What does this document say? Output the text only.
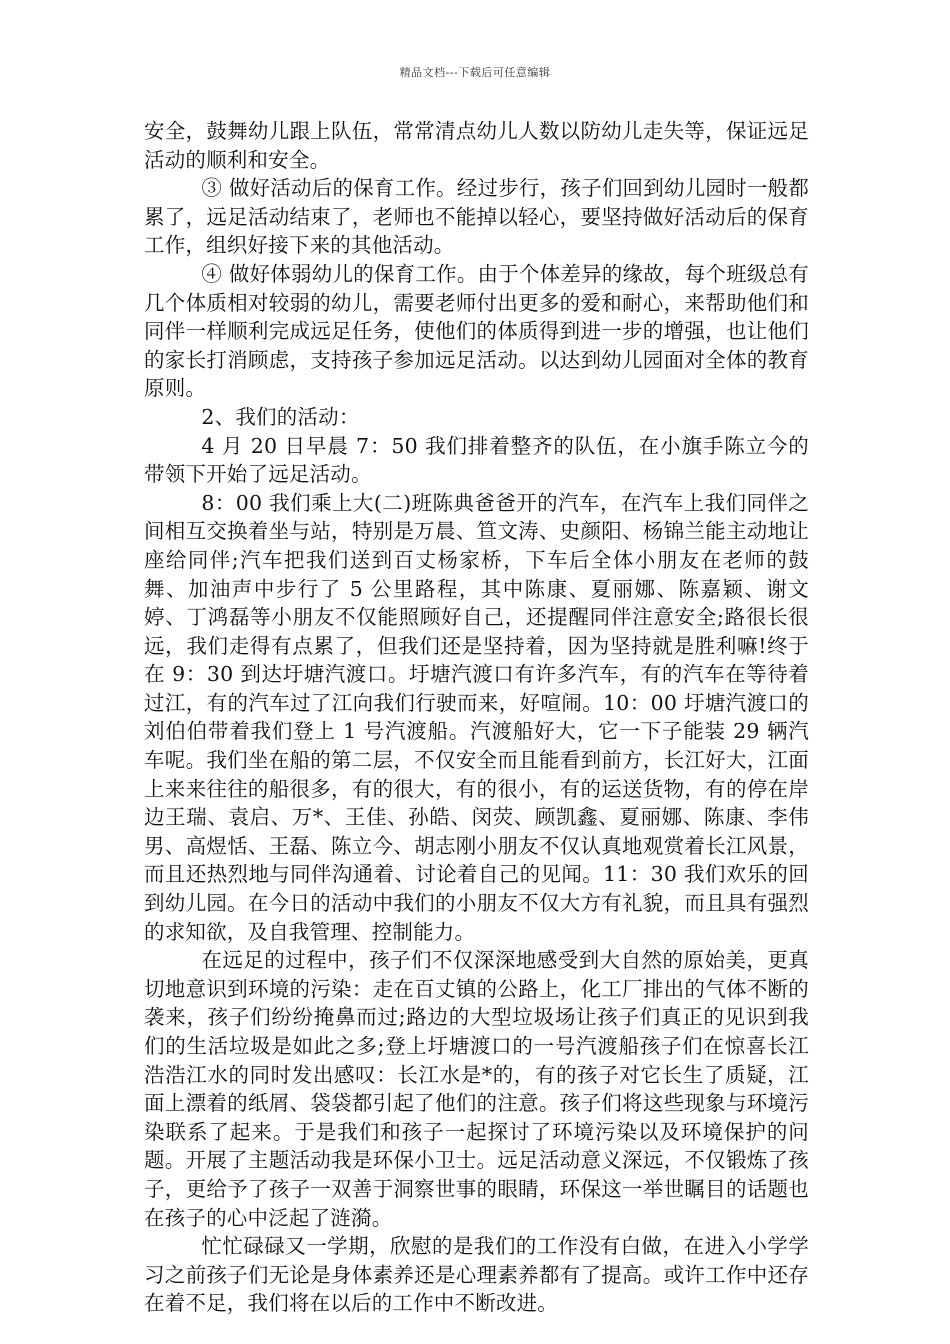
精品文档---下载后可任意编辑

安全，鼓舞幼儿跟上队伍，常常清点幼儿人数以防幼儿走失等，保证远足活动的顺利和安全。

③ 做好活动后的保育工作。经过步行，孩子们回到幼儿园时一般都累了，远足活动结束了，老师也不能掉以轻心，要坚持做好活动后的保育工作，组织好接下来的其他活动。

④ 做好体弱幼儿的保育工作。由于个体差异的缘故，每个班级总有几个体质相对较弱的幼儿，需要老师付出更多的爱和耐心，来帮助他们和同伴一样顺利完成远足任务，使他们的体质得到进一步的增强，也让他们的家长打消顾虑，支持孩子参加远足活动。以达到幼儿园面对全体的教育原则。

2、我们的活动：

4 月 20 日早晨 7：50 我们排着整齐的队伍，在小旗手陈立今的带领下开始了远足活动。

8：00 我们乘上大(二)班陈典爸爸开的汽车，在汽车上我们同伴之间相互交换着坐与站，特别是万晨、笪文涛、史颜阳、杨锦兰能主动地让座给同伴;汽车把我们送到百丈杨家桥，下车后全体小朋友在老师的鼓舞、加油声中步行了 5 公里路程，其中陈康、夏丽娜、陈嘉颖、谢文婷、丁鸿磊等小朋友不仅能照顾好自己，还提醒同伴注意安全;路很长很远，我们走得有点累了，但我们还是坚持着，因为坚持就是胜利嘛!终于在 9：30 到达圩塘汽渡口。圩塘汽渡口有许多汽车，有的汽车在等待着过江，有的汽车过了江向我们行驶而来，好喧闹。10：00 圩塘汽渡口的刘伯伯带着我们登上 1 号汽渡船。汽渡船好大，它一下子能装 29 辆汽车呢。我们坐在船的第二层，不仅安全而且能看到前方，长江好大，江面上来来往往的船很多，有的很大，有的很小，有的运送货物，有的停在岸边王瑞、袁启、万*、王佳、孙皓、闵荧、顾凯鑫、夏丽娜、陈康、李伟男、高煜恬、王磊、陈立今、胡志刚小朋友不仅认真地观赏着长江风景，而且还热烈地与同伴沟通着、讨论着自己的见闻。11：30 我们欢乐的回到幼儿园。在今日的活动中我们的小朋友不仅大方有礼貌，而且具有强烈的求知欲，及自我管理、控制能力。

在远足的过程中，孩子们不仅深深地感受到大自然的原始美，更真切地意识到环境的污染：走在百丈镇的公路上，化工厂排出的气体不断的袭来，孩子们纷纷掩鼻而过;路边的大型垃圾场让孩子们真正的见识到我们的生活垃圾是如此之多;登上圩塘渡口的一号汽渡船孩子们在惊喜长江浩浩江水的同时发出感叹：长江水是*的，有的孩子对它长生了质疑，江面上漂着的纸屑、袋袋都引起了他们的注意。孩子们将这些现象与环境污染联系了起来。于是我们和孩子一起探讨了环境污染以及环境保护的问题。开展了主题活动我是环保小卫士。远足活动意义深远，不仅锻炼了孩子，更给予了孩子一双善于洞察世事的眼睛，环保这一举世瞩目的话题也在孩子的心中泛起了涟漪。

忙忙碌碌又一学期，欣慰的是我们的工作没有白做，在进入小学学习之前孩子们无论是身体素养还是心理素养都有了提高。或许工作中还存在着不足，我们将在以后的工作中不断改进。
